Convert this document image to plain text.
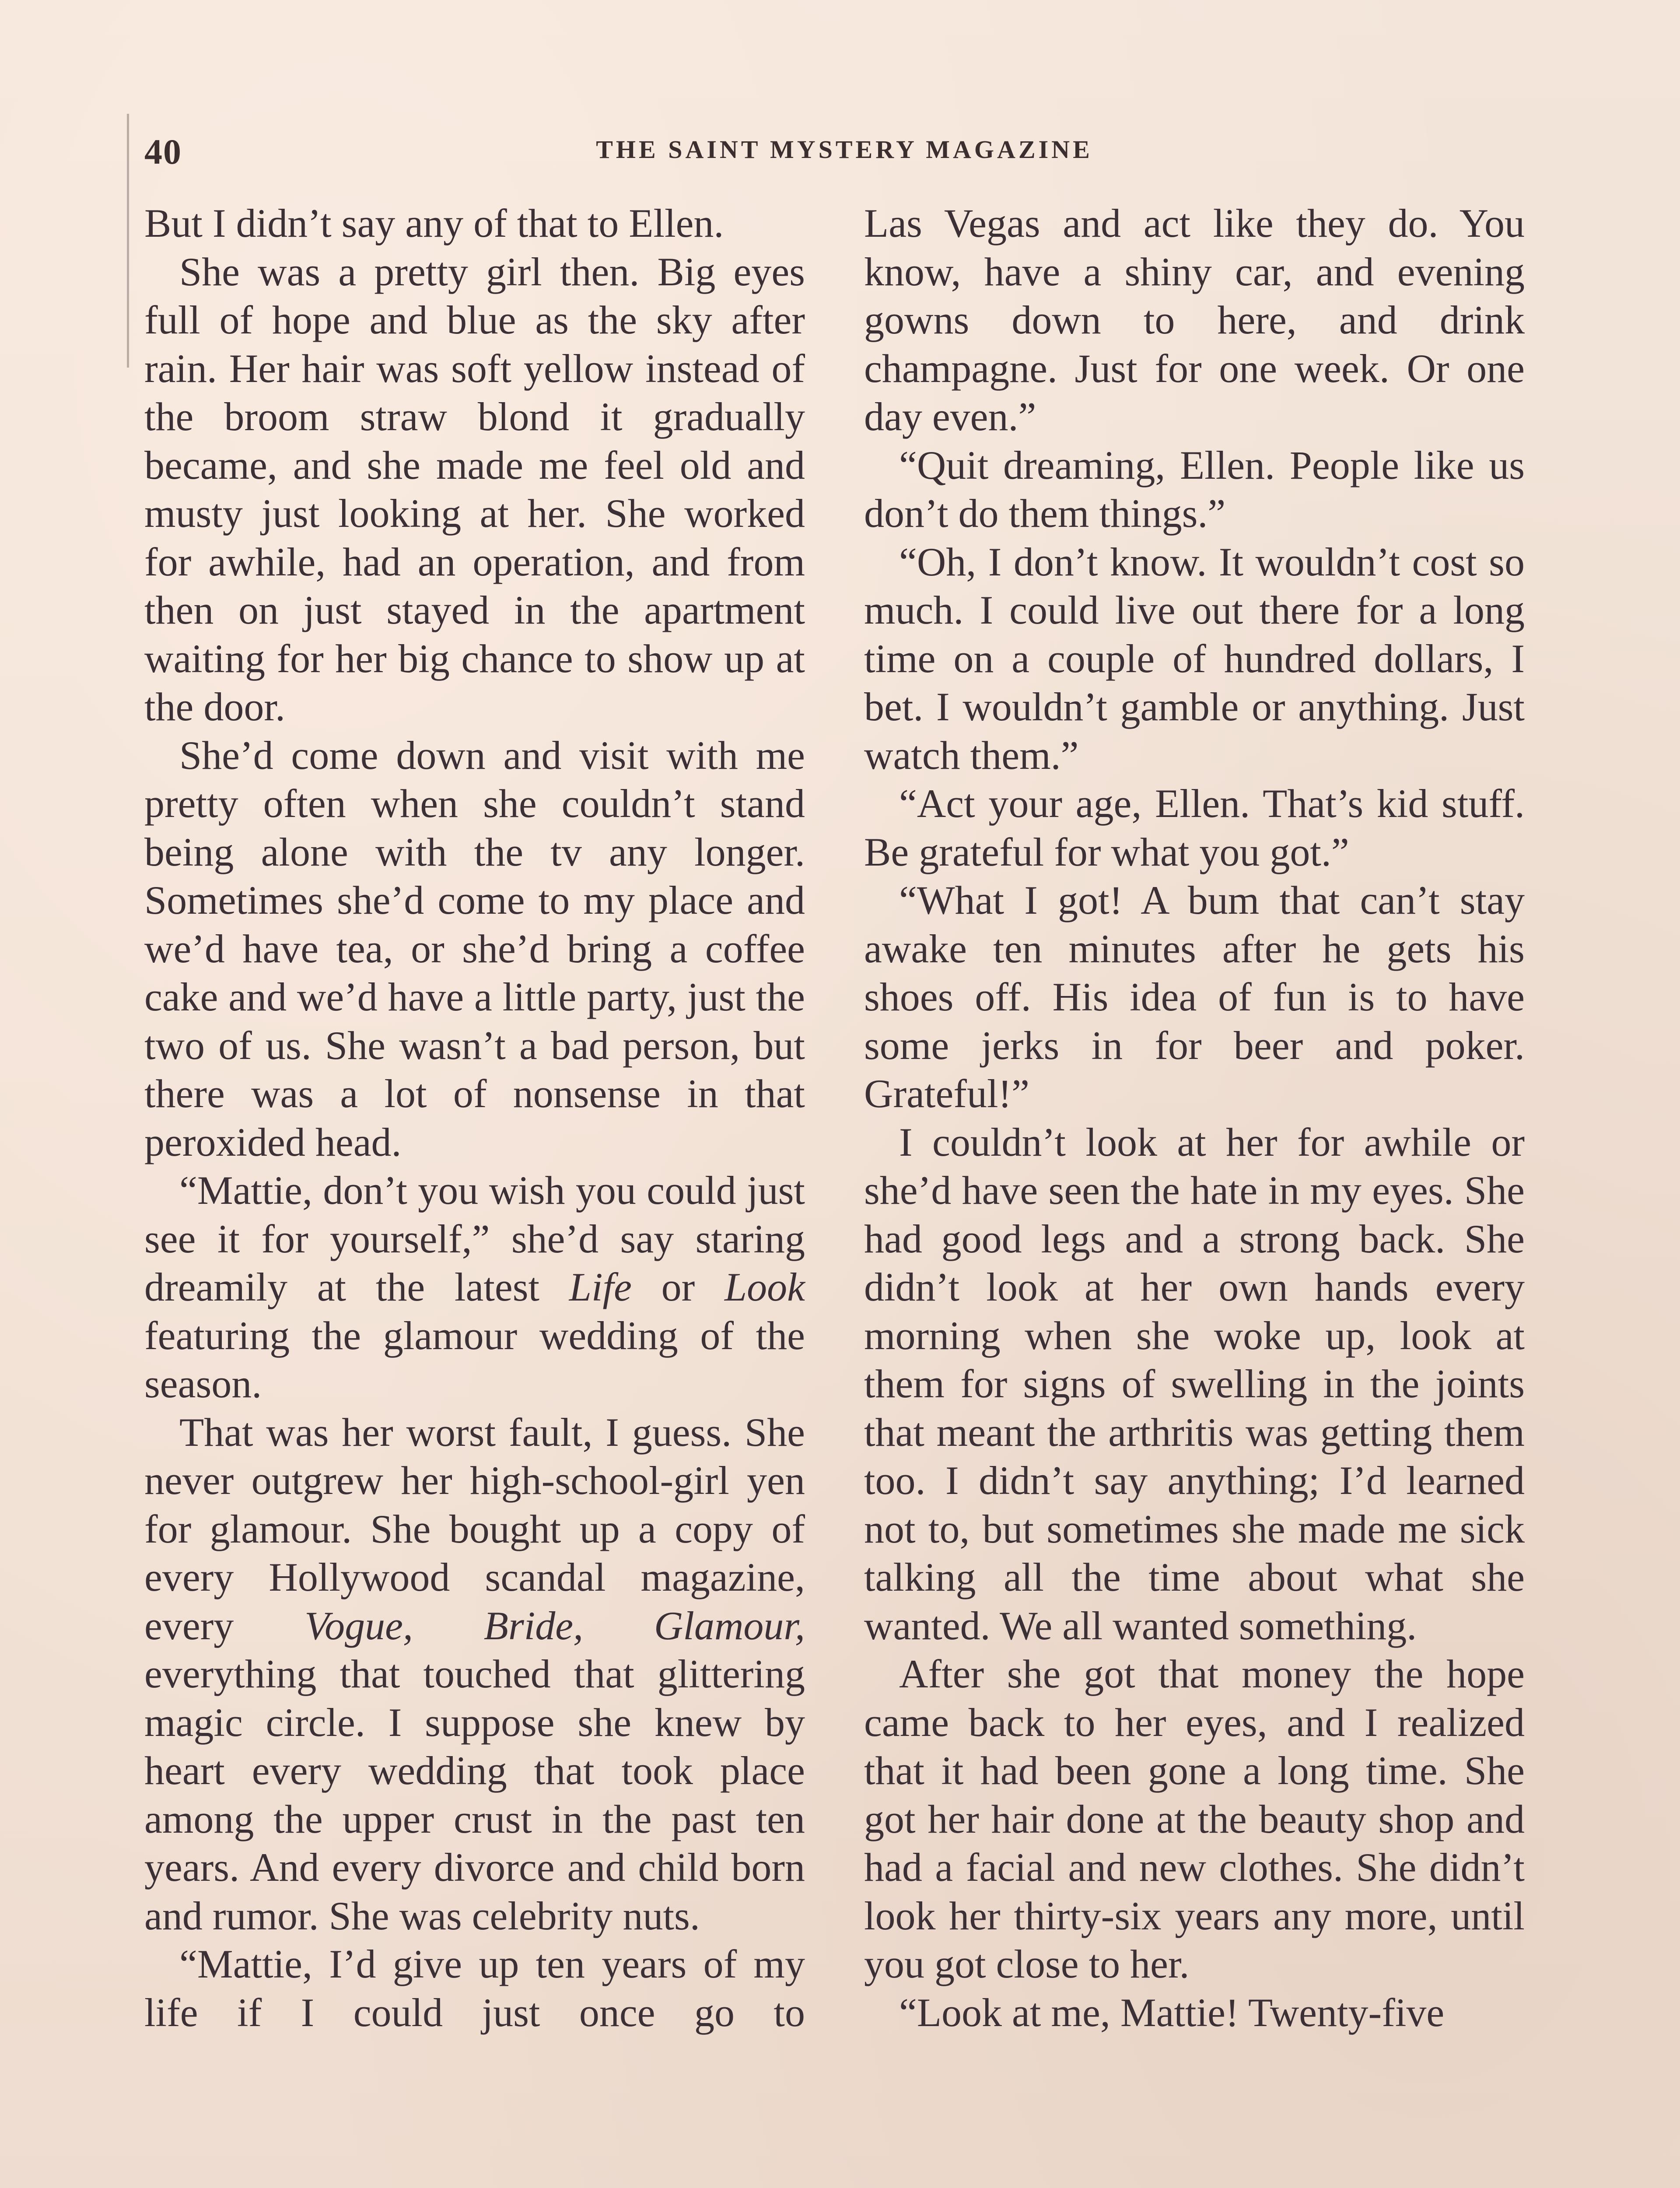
40	THE SAINT MYSTERY MAGAZINE

But I didn’t say any of that to Ellen.

She was a pretty girl then. Big eyes full of hope and blue as the sky after rain. Her hair was soft yellow instead of the broom straw blond it gradually became, and she made me feel old and musty just looking at her. She worked for awhile, had an operation, and from then on just stayed in the apartment waiting for her big chance to show up at the door.

She’d come down and visit with me pretty often when she couldn’t stand being alone with the tv any longer. Sometimes she’d come to my place and we’d have tea, or she’d bring a coffee cake and we’d have a little party, just the two of us. She wasn’t a bad person, but there was a lot of nonsense in that peroxided head.

“Mattie, don’t you wish you could just see it for yourself,” she’d say staring dreamily at the latest Life or Look featuring the glamour wedding of the season.

That was her worst fault, I guess. She never outgrew her high-school-girl yen for glamour. She bought up a copy of every Hollywood scandal magazine, every Vogue, Bride, Glamour, everything that touched that glittering magic circle. I suppose she knew by heart every wedding that took place among the upper crust in the past ten years. And every divorce and child born and rumor. She was celebrity nuts.

“Mattie, I’d give up ten years of my life if I could just once go to

Las Vegas and act like they do. You know, have a shiny car, and evening gowns down to here, and drink champagne. Just for one week. Or one day even.”

“Quit dreaming, Ellen. People like us don’t do them things.”

“Oh, I don’t know. It wouldn’t cost so much. I could live out there for a long time on a couple of hundred dollars, I bet. I wouldn’t gamble or anything. Just watch them.”

“Act your age, Ellen. That’s kid stuff. Be grateful for what you got.”

“What I got! A bum that can’t stay awake ten minutes after he gets his shoes off. His idea of fun is to have some jerks in for beer and poker. Grateful!”

I couldn’t look at her for awhile or she’d have seen the hate in my eyes. She had good legs and a strong back. She didn’t look at her own hands every morning when she woke up, look at them for signs of swelling in the joints that meant the arthritis was getting them too. I didn’t say anything; I’d learned not to, but sometimes she made me sick talking all the time about what she wanted. We all wanted something.

After she got that money the hope came back to her eyes, and I realized that it had been gone a long time. She got her hair done at the beauty shop and had a facial and new clothes. She didn’t look her thirty-six years any more, until you got close to her.

“Look at me, Mattie! Twenty-five
